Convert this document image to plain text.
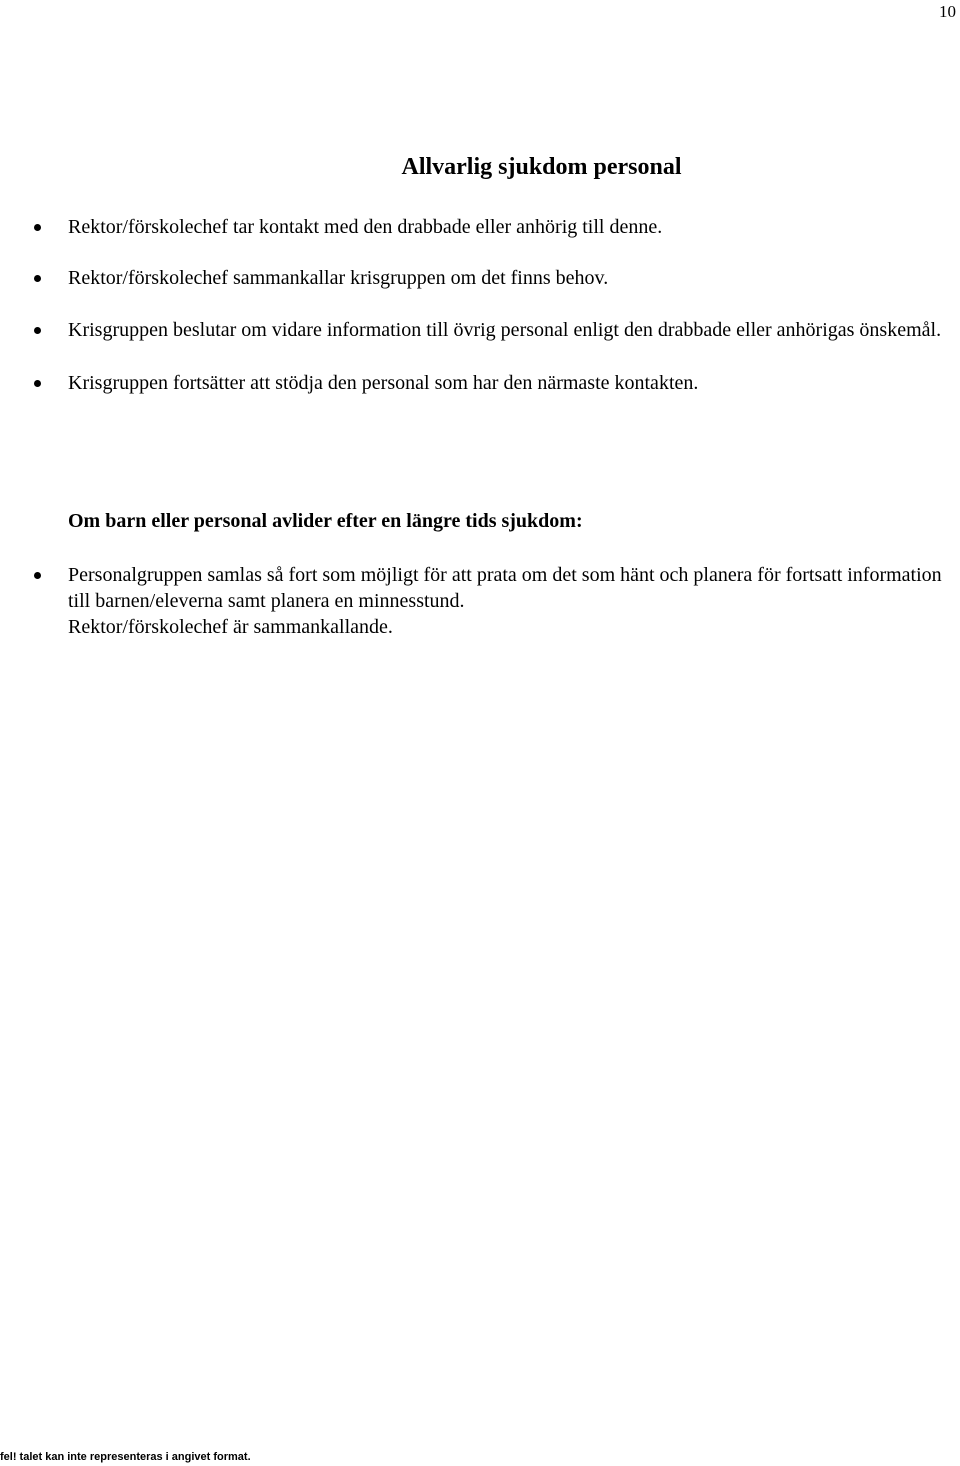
10
Allvarlig sjukdom personal
Rektor/förskolechef tar kontakt med den drabbade eller anhörig till denne.
Rektor/förskolechef sammankallar krisgruppen om det finns behov.
Krisgruppen beslutar om vidare information till övrig personal enligt den drabbade eller anhörigas önskemål.
Krisgruppen fortsätter att stödja den personal som har den närmaste kontakten.
Om barn eller personal avlider efter en längre tids sjukdom:
Personalgruppen samlas så fort som möjligt för att prata om det som hänt och planera för fortsatt information till barnen/eleverna samt planera en minnesstund.
Rektor/förskolechef är sammankallande.
fel! talet kan inte representeras i angivet format.
